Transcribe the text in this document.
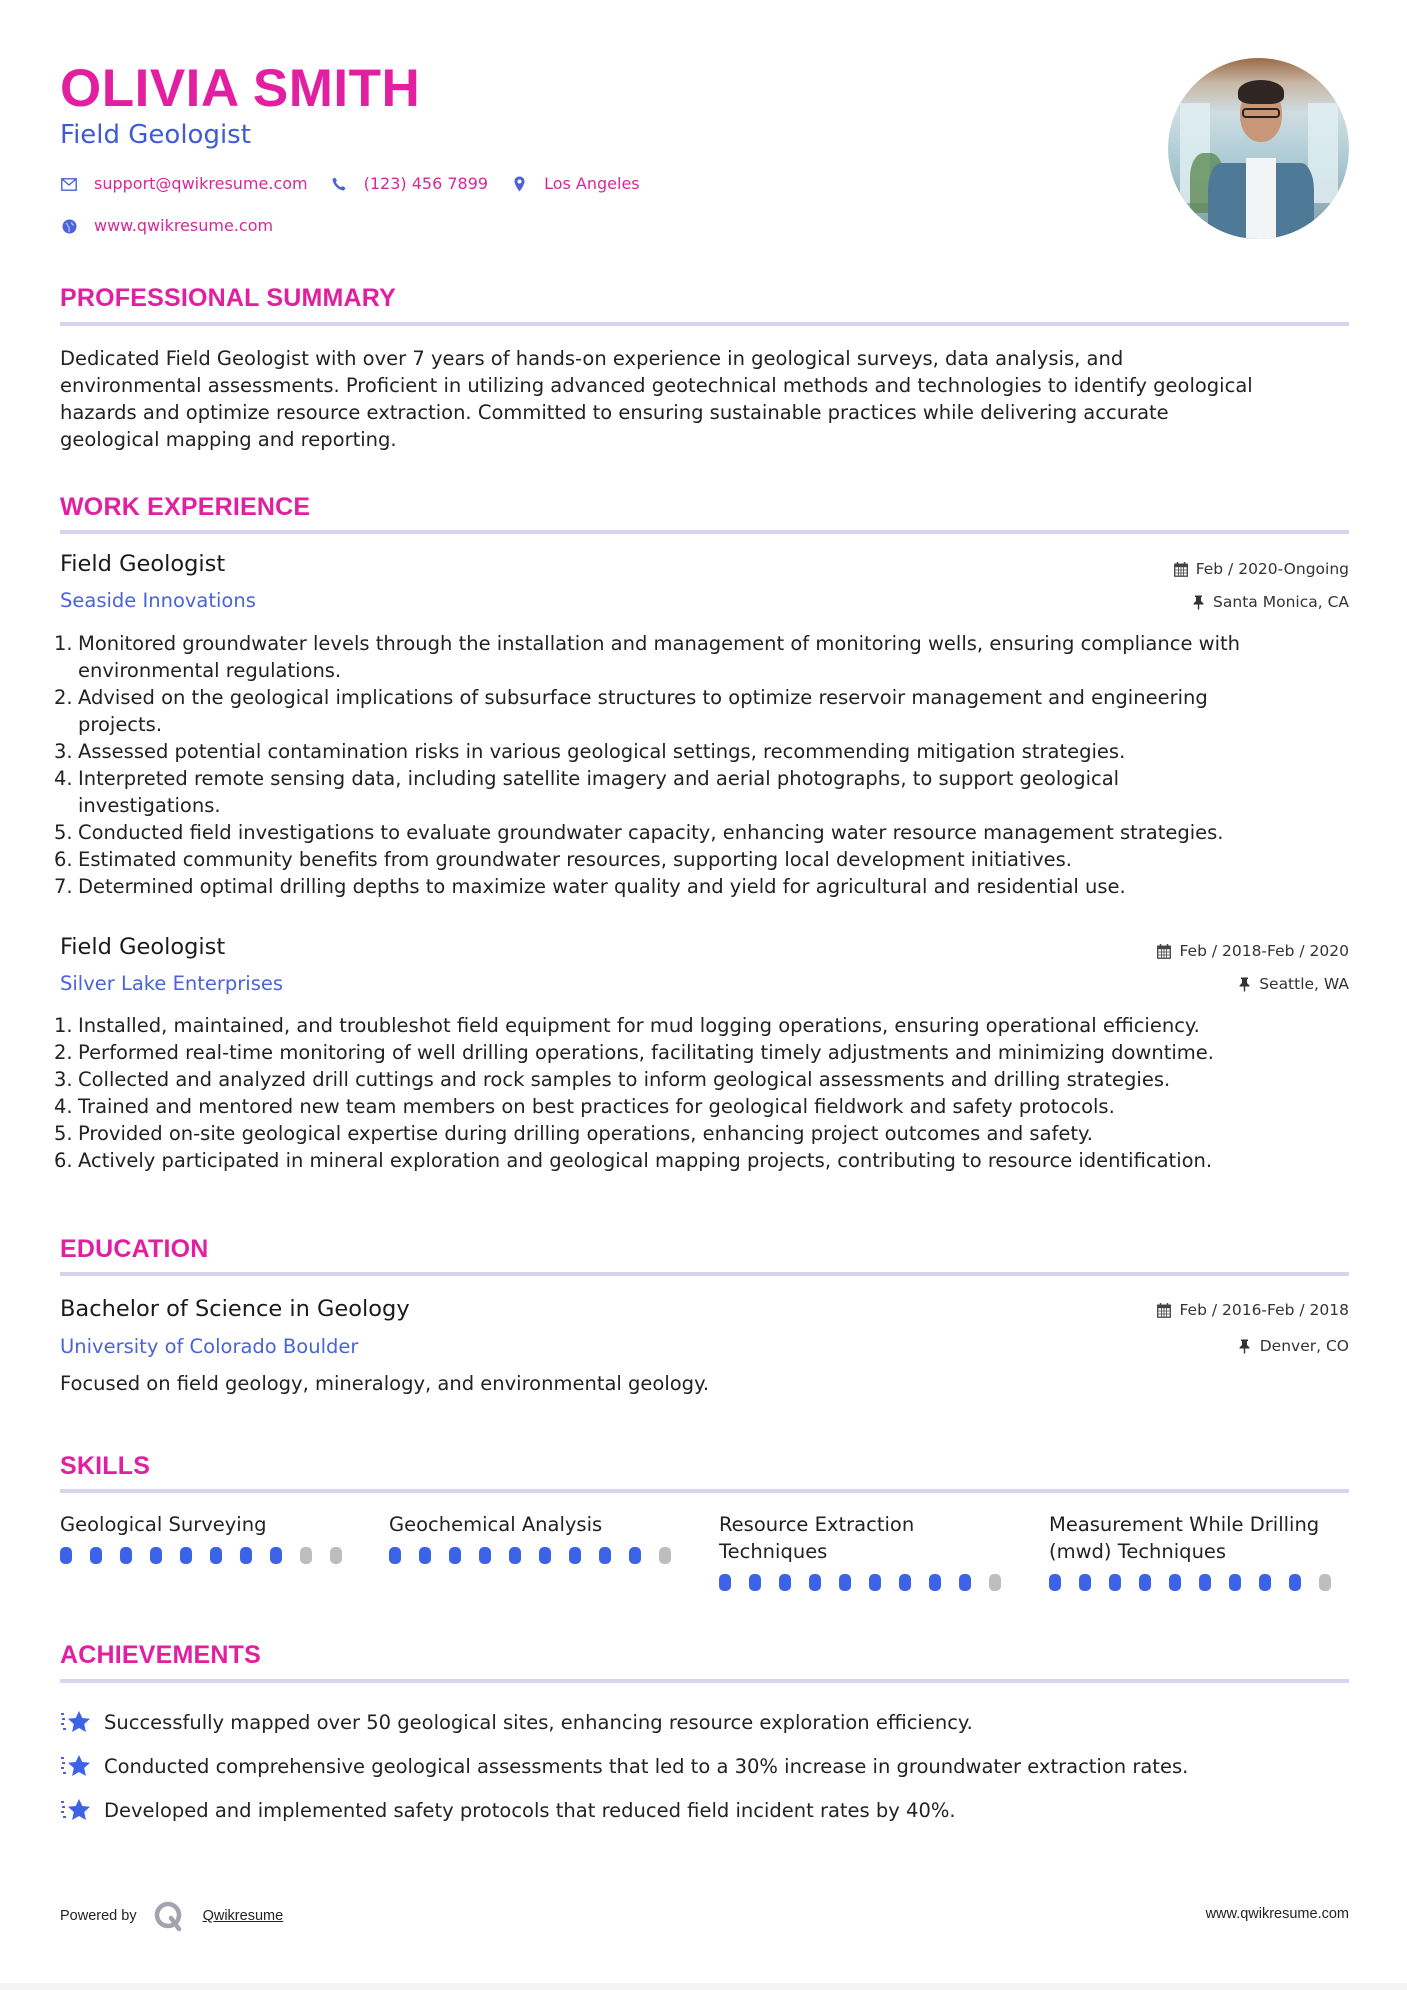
OLIVIA SMITH
Field Geologist
support@qwikresume.com	(123) 456 7899	Los Angeles
www.qwikresume.com
PROFESSIONAL SUMMARY
Dedicated Field Geologist with over 7 years of hands-on experience in geological surveys, data analysis, and
environmental assessments. Proficient in utilizing advanced geotechnical methods and technologies to identify geological
hazards and optimize resource extraction. Committed to ensuring sustainable practices while delivering accurate
geological mapping and reporting.
WORK EXPERIENCE
Field Geologist
Seaside Innovations
Feb / 2020-Ongoing
Santa Monica, CA
1. Monitored groundwater levels through the installation and management of monitoring wells, ensuring compliance with
environmental regulations.
2. Advised on the geological implications of subsurface structures to optimize reservoir management and engineering
projects.
3. Assessed potential contamination risks in various geological settings, recommending mitigation strategies.
4. Interpreted remote sensing data, including satellite imagery and aerial photographs, to support geological
investigations.
5. Conducted field investigations to evaluate groundwater capacity, enhancing water resource management strategies.
6. Estimated community benefits from groundwater resources, supporting local development initiatives.
7. Determined optimal drilling depths to maximize water quality and yield for agricultural and residential use.
Field Geologist
Silver Lake Enterprises
Feb / 2018-Feb / 2020
Seattle, WA
1. Installed, maintained, and troubleshot field equipment for mud logging operations, ensuring operational efficiency.
2. Performed real-time monitoring of well drilling operations, facilitating timely adjustments and minimizing downtime.
3. Collected and analyzed drill cuttings and rock samples to inform geological assessments and drilling strategies.
4. Trained and mentored new team members on best practices for geological fieldwork and safety protocols.
5. Provided on-site geological expertise during drilling operations, enhancing project outcomes and safety.
6. Actively participated in mineral exploration and geological mapping projects, contributing to resource identification.
EDUCATION
Bachelor of Science in Geology
University of Colorado Boulder
Feb / 2016-Feb / 2018
Denver, CO
Focused on field geology, mineralogy, and environmental geology.
SKILLS
Geological Surveying	Geochemical Analysis	Resource Extraction
Techniques
Measurement While Drilling
(mwd) Techniques
ACHIEVEMENTS
Successfully mapped over 50 geological sites, enhancing resource exploration efficiency.
Conducted comprehensive geological assessments that led to a 30% increase in groundwater extraction rates.
Developed and implemented safety protocols that reduced field incident rates by 40%.
Powered by	Qwikresume	www.qwikresume.com
